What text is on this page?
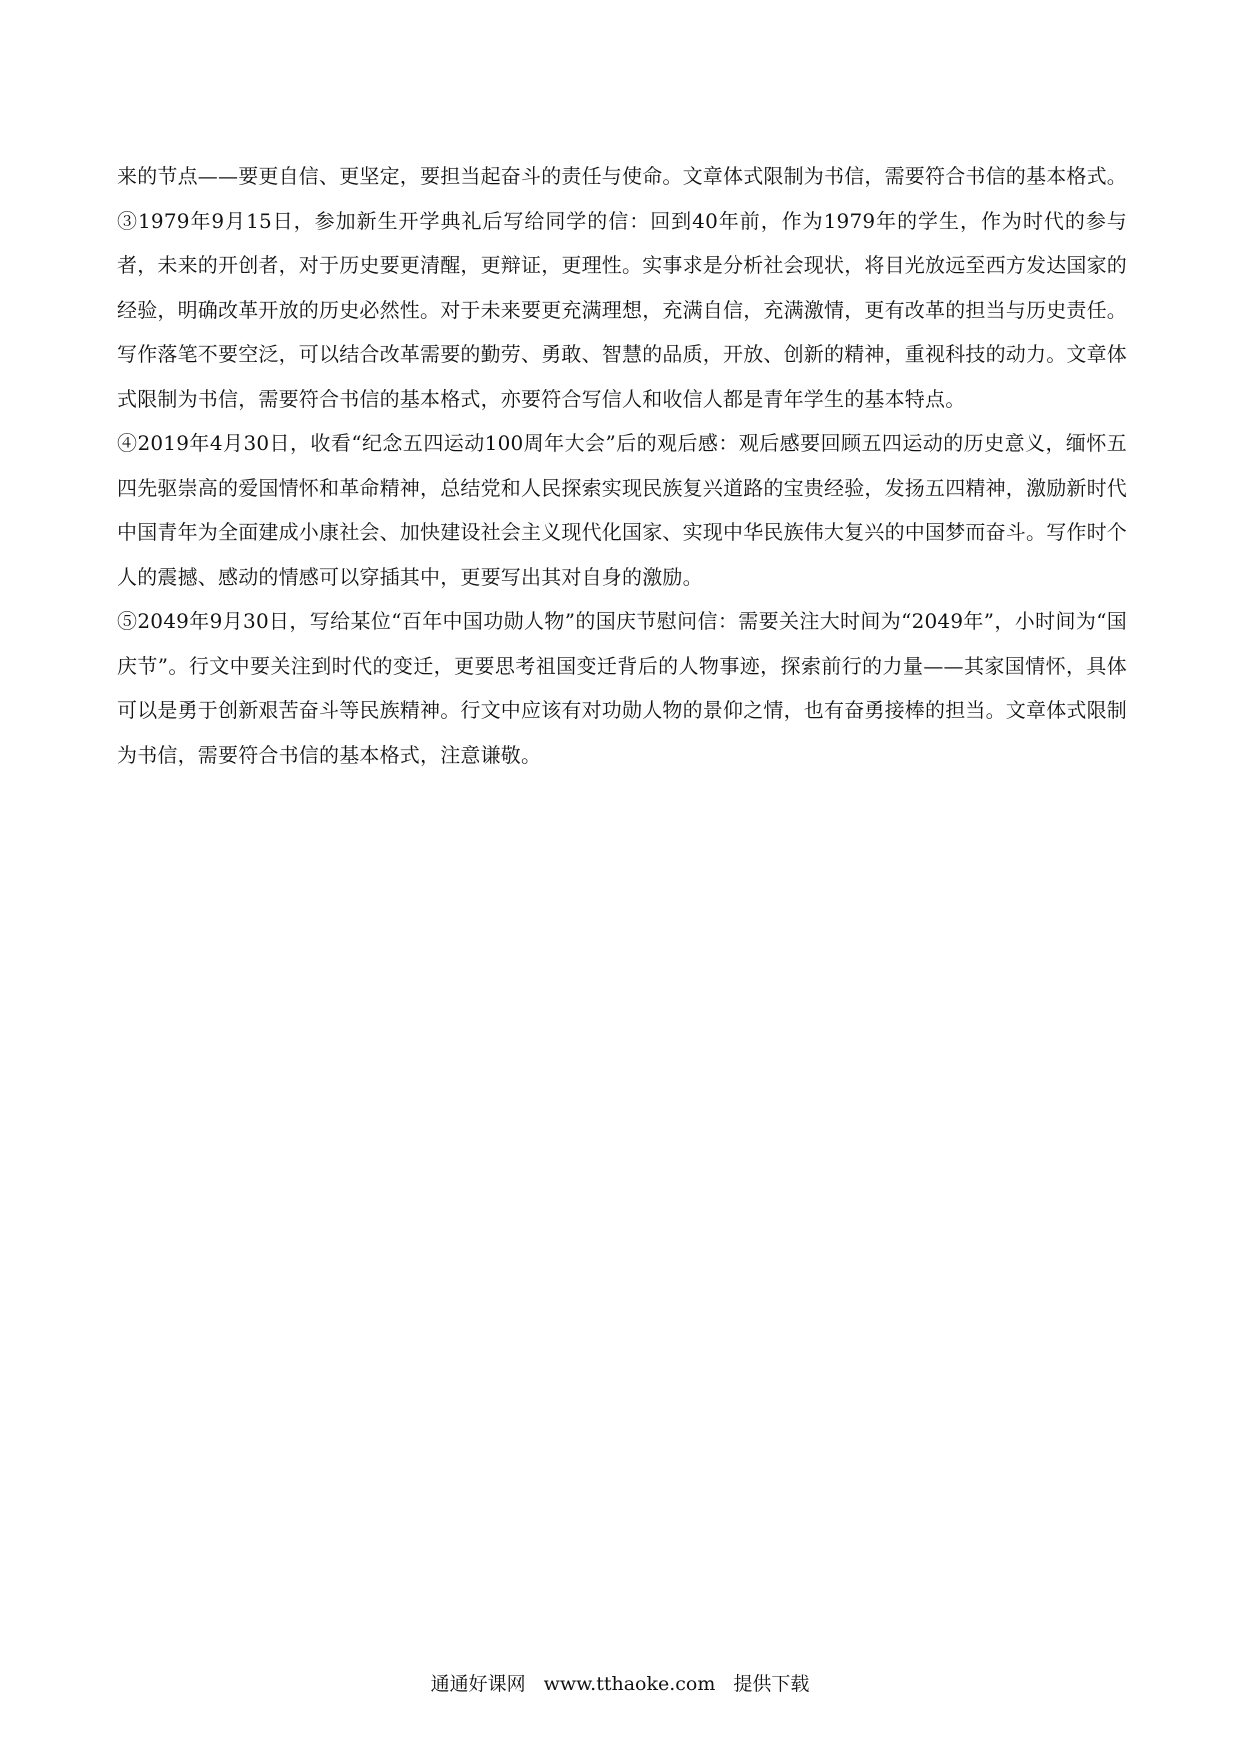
来的节点——要更自信、更坚定，要担当起奋斗的责任与使命。文章体式限制为书信，需要符合书信的基本格式。

③1979年9月15日，参加新生开学典礼后写给同学的信：回到40年前，作为1979年的学生，作为时代的参与者，未来的开创者，对于历史要更清醒，更辩证，更理性。实事求是分析社会现状，将目光放远至西方发达国家的经验，明确改革开放的历史必然性。对于未来要更充满理想，充满自信，充满激情，更有改革的担当与历史责任。写作落笔不要空泛，可以结合改革需要的勤劳、勇敢、智慧的品质，开放、创新的精神，重视科技的动力。文章体式限制为书信，需要符合书信的基本格式，亦要符合写信人和收信人都是青年学生的基本特点。

④2019年4月30日，收看“纪念五四运动100周年大会”后的观后感：观后感要回顾五四运动的历史意义，缅怀五四先驱崇高的爱国情怀和革命精神，总结党和人民探索实现民族复兴道路的宝贵经验，发扬五四精神，激励新时代中国青年为全面建成小康社会、加快建设社会主义现代化国家、实现中华民族伟大复兴的中国梦而奋斗。写作时个人的震撼、感动的情感可以穿插其中，更要写出其对自身的激励。

⑤2049年9月30日，写给某位“百年中国功勋人物”的国庆节慰问信：需要关注大时间为“2049年”，小时间为“国庆节”。行文中要关注到时代的变迁，更要思考祖国变迁背后的人物事迹，探索前行的力量——其家国情怀，具体可以是勇于创新艰苦奋斗等民族精神。行文中应该有对功勋人物的景仰之情，也有奋勇接棒的担当。文章体式限制为书信，需要符合书信的基本格式，注意谦敬。

通通好课网 www.tthaoke.com 提供下载
